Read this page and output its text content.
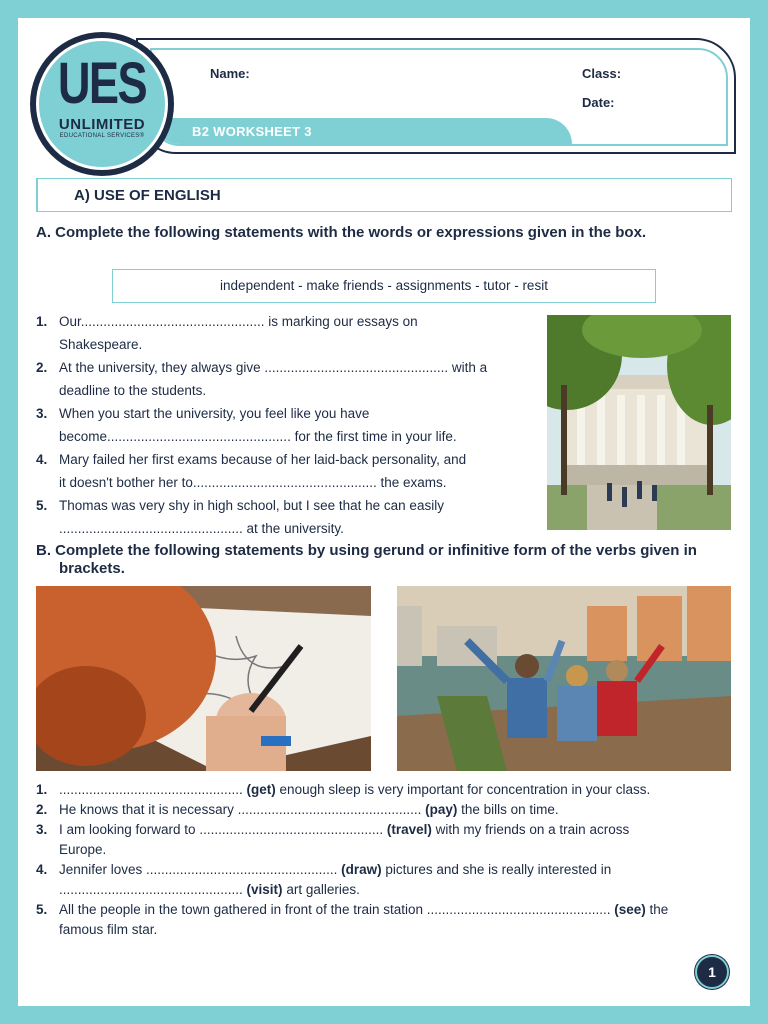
Name:	Class:
Date:
B2 WORKSHEET 3
UES
UNLIMITED
EDUCATIONAL SERVICES®
A) USE OF ENGLISH
A. Complete the following statements with the words or expressions given in the box.
independent - make friends - assignments - tutor - resit
1. Our................................................. is marking our essays on
Shakespeare.
2. At the university, they always give ................................................. with a
deadline to the students.
3. When you start the university, you feel like you have
become................................................. for the first time in your life.
4. Mary failed her first exams because of her laid-back personality, and
it doesn't bother her to................................................. the exams.
5. Thomas was very shy in high school, but I see that he can easily
................................................. at the university.
B. Complete the following statements by using gerund or infinitive form of the verbs given in brackets.
1. ................................................. (get) enough sleep is very important for concentration in your class.
2. He knows that it is necessary ................................................. (pay) the bills on time.
3. I am looking forward to ................................................. (travel) with my friends on a train across
Europe.
4. Jennifer loves ................................................... (draw) pictures and she is really interested in
................................................. (visit) art galleries.
5. All the people in the town gathered in front of the train station ................................................. (see) the
famous film star.
1
